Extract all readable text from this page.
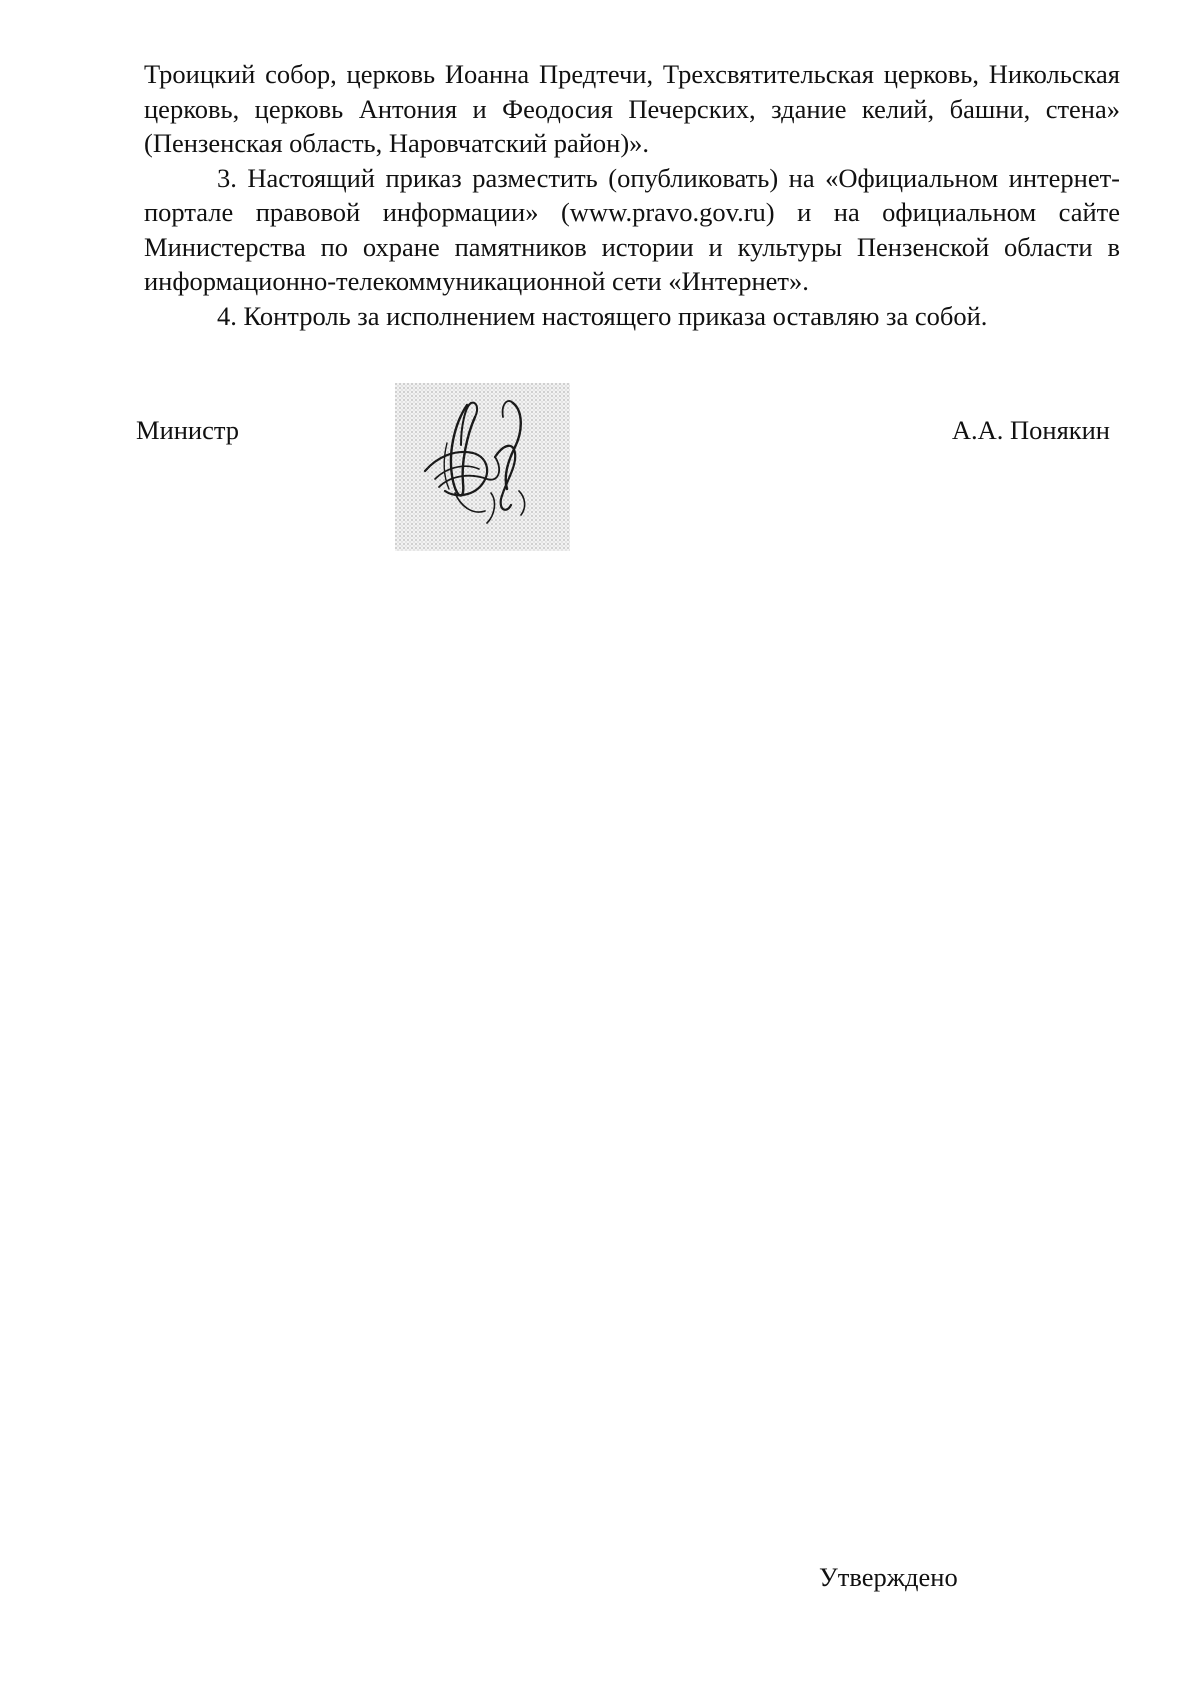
Троицкий собор, церковь Иоанна Предтечи, Трехсвятительская церковь, Никольская церковь, церковь Антония и Феодосия Печерских, здание келий, башни, стена» (Пензенская область, Наровчатский район)».

3. Настоящий приказ разместить (опубликовать) на «Официальном интернет-портале правовой информации» (www.pravo.gov.ru) и на официальном сайте Министерства по охране памятников истории и культуры Пензенской области в информационно-телекоммуникационной сети «Интернет».

4. Контроль за исполнением настоящего приказа оставляю за собой.

Министр	А.А. Понякин
Утверждено
